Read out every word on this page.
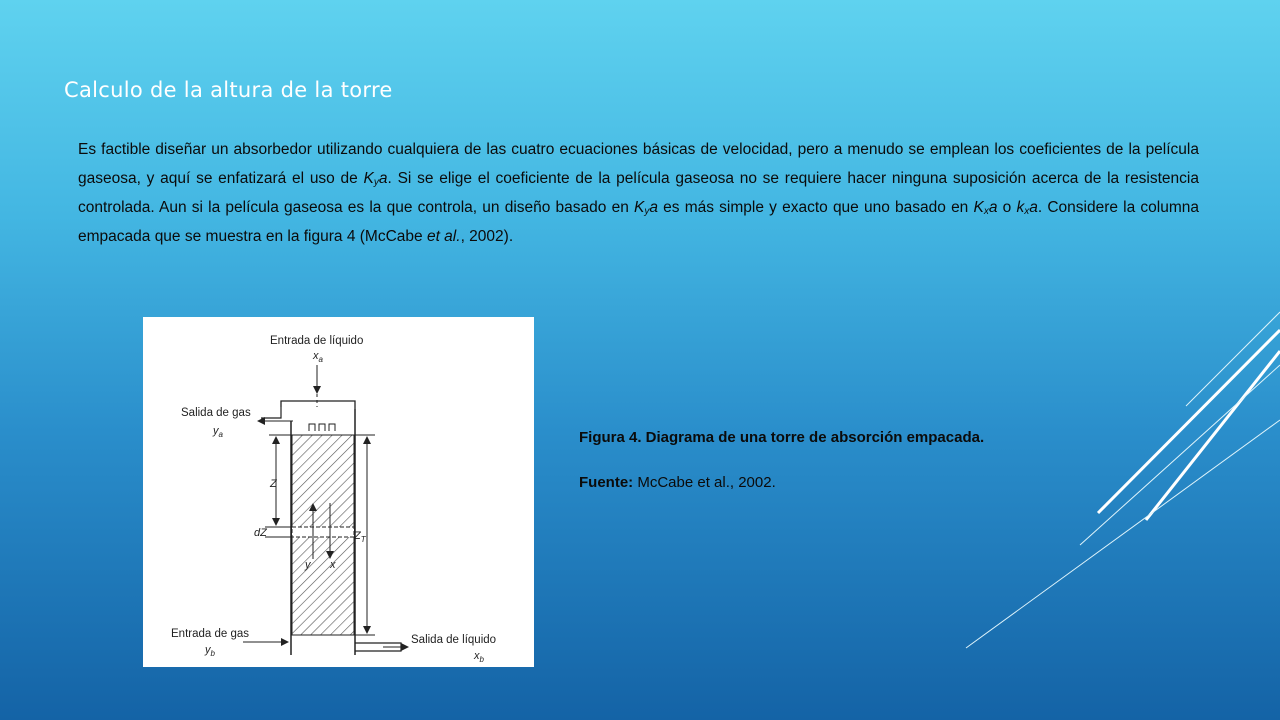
Calculo de la altura de la torre
Es factible diseñar un absorbedor utilizando cualquiera de las cuatro ecuaciones básicas de velocidad, pero a menudo se emplean los coeficientes de la película gaseosa, y aquí se enfatizará el uso de $K_ya$. Si se elige el coeficiente de la película gaseosa no se requiere hacer ninguna suposición acerca de la resistencia controlada. Aun si la película gaseosa es la que controla, un diseño basado en $K_ya$ es más simple y exacto que uno basado en $K_xa$ o $k_xa$. Considere la columna empacada que se muestra en la figura 4 (McCabe et al., 2002).
Entrada de líquido
$x_a$
Salida de gas
$y_a$
y x
Z
dZ	$Z_T$
Entrada de gas
$y_b$
Salida de líquido
$x_b$
Figura 4. Diagrama de una torre de absorción empacada.
Fuente: McCabe et al., 2002.
